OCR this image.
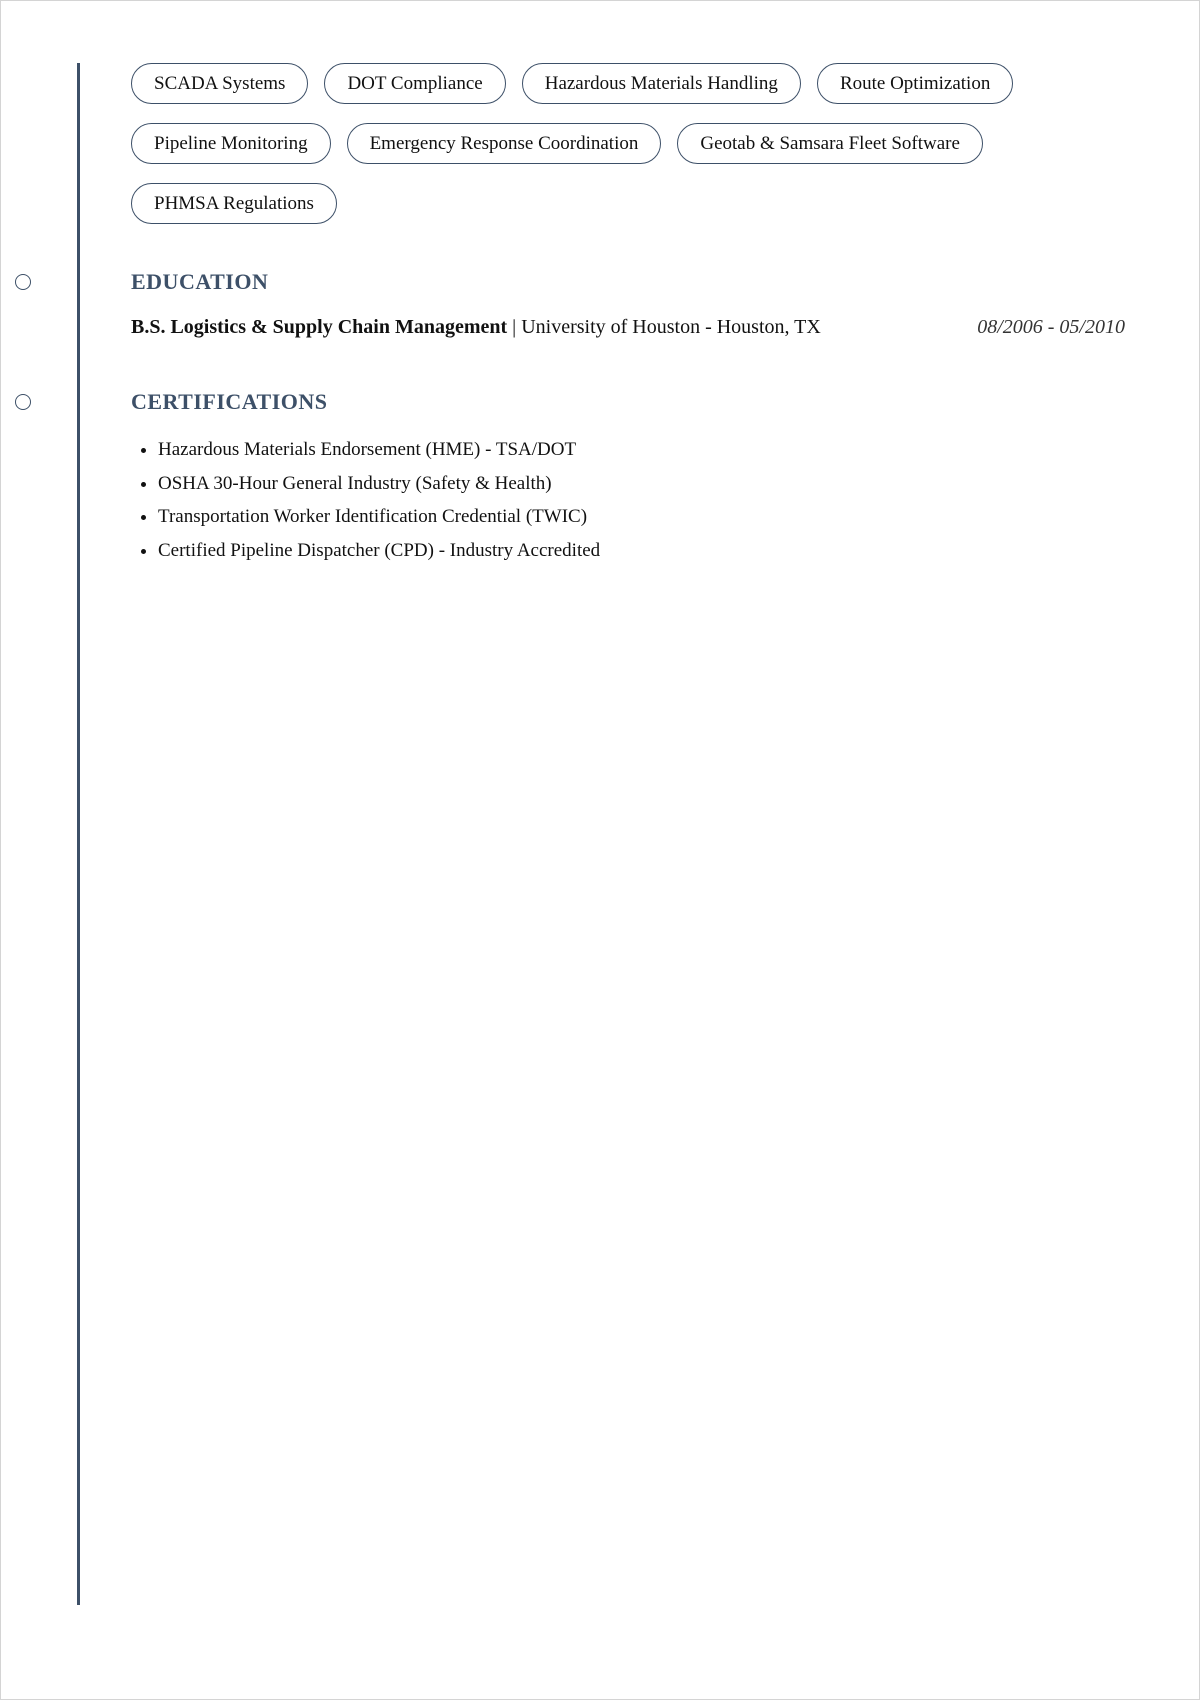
SCADA Systems	DOT Compliance	Hazardous Materials Handling	Route Optimization
Pipeline Monitoring	Emergency Response Coordination	Geotab & Samsara Fleet Software
PHMSA Regulations
EDUCATION
B.S. Logistics & Supply Chain Management | University of Houston - Houston, TX	08/2006 - 05/2010
CERTIFICATIONS
• Hazardous Materials Endorsement (HME) - TSA/DOT
• OSHA 30-Hour General Industry (Safety & Health)
• Transportation Worker Identification Credential (TWIC)
• Certified Pipeline Dispatcher (CPD) - Industry Accredited
